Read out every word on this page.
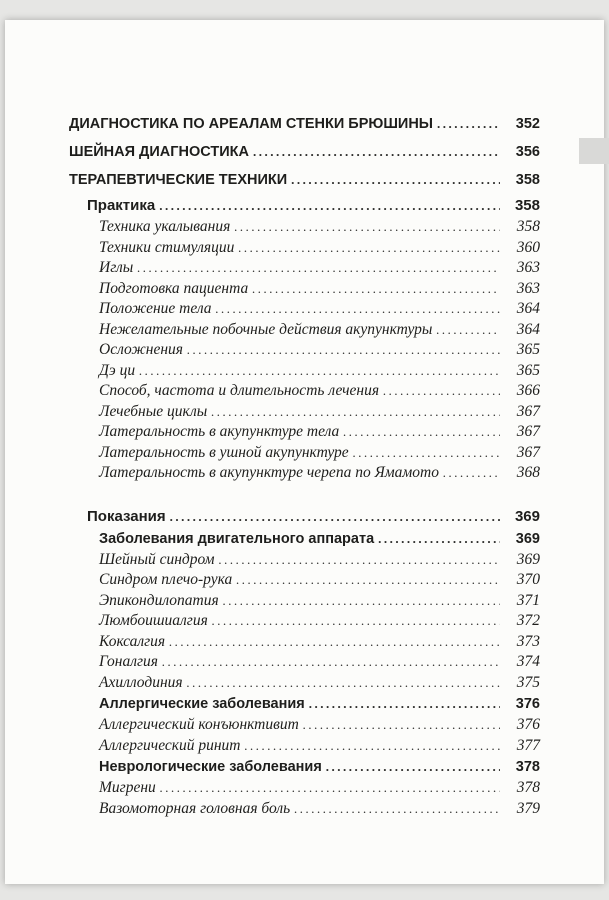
ДИАГНОСТИКА ПО АРЕАЛАМ СТЕНКИ БРЮШИНЫ .....	352
ШЕЙНАЯ ДИАГНОСТИКА .....	356
ТЕРАПЕВТИЧЕСКИЕ ТЕХНИКИ .....	358
Практика .....	358
Техника укалывания .....	358
Техники стимуляции .....	360
Иглы .....	363
Подготовка пациента .....	363
Положение тела .....	364
Нежелательные побочные действия акупунктуры .....	364
Осложнения .....	365
Дэ ци .....	365
Способ, частота и длительность лечения .....	366
Лечебные циклы .....	367
Латеральность в акупунктуре тела .....	367
Латеральность в ушной акупунктуре .....	367
Латеральность в акупунктуре черепа по Ямамото .....	368
Показания .....	369
Заболевания двигательного аппарата .....	369
Шейный синдром .....	369
Синдром плечо-рука .....	370
Эпикондилопатия .....	371
Люмбоишиалгия .....	372
Коксалгия .....	373
Гоналгия .....	374
Ахиллодиния .....	375
Аллергические заболевания .....	376
Аллергический конъюнктивит .....	376
Аллергический ринит .....	377
Неврологические заболевания .....	378
Мигрени .....	378
Вазомоторная головная боль .....	379
